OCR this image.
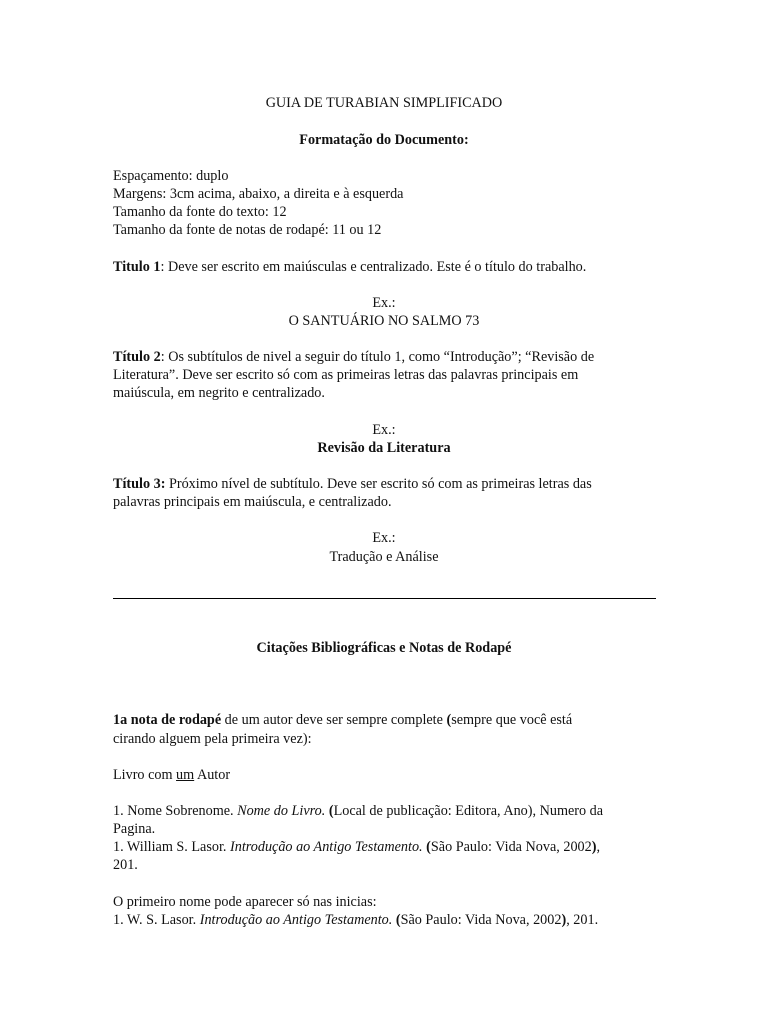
GUIA DE TURABIAN SIMPLIFICADO

Formatação do Documento:

Espaçamento: duplo

Margens: 3cm acima, abaixo, a direita e à esquerda

Tamanho da fonte do texto: 12

Tamanho da fonte de notas de rodapé: 11 ou 12

Titulo 1: Deve ser escrito em maiúsculas e centralizado. Este é o título do trabalho.

Ex.:

O SANTUÁRIO NO SALMO 73

Título 2: Os subtítulos de nivel a seguir do título 1, como “Introdução”; “Revisão de

Literatura”. Deve ser escrito só com as primeiras letras das palavras principais em

maiúscula, em negrito e centralizado.

Ex.:

Revisão da Literatura

Título 3: Próximo nível de subtítulo. Deve ser escrito só com as primeiras letras das

palavras principais em maiúscula, e centralizado.

Ex.:

Tradução e Análise

Citações Bibliográficas e Notas de Rodapé

1a nota de rodapé de um autor deve ser sempre complete (sempre que você está

cirando alguem pela primeira vez):

Livro com um Autor

1. Nome Sobrenome. Nome do Livro. (Local de publicação: Editora, Ano), Numero da

Pagina.

1. William S. Lasor. Introdução ao Antigo Testamento. (São Paulo: Vida Nova, 2002),

201.

O primeiro nome pode aparecer só nas inicias:

1. W. S. Lasor. Introdução ao Antigo Testamento. (São Paulo: Vida Nova, 2002), 201.
